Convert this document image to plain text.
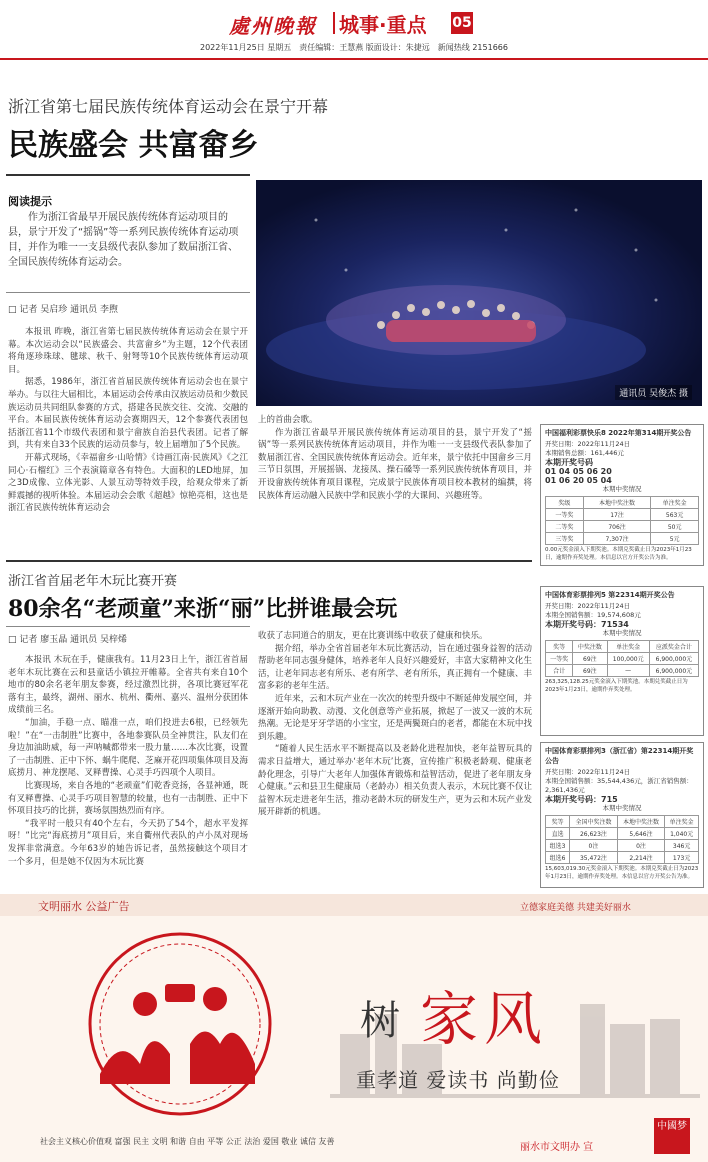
處州晚報	城事·重点	05
2022年11月25日 星期五　责任编辑：王慧燕 版面设计：朱捷远　新闻热线 2151666
浙江省第七届民族传统体育运动会在景宁开幕
民族盛会 共富畲乡
阅读提示

作为浙江省最早开展民族传统体育运动项目的县，景宁开发了“摇锅”等一系列民族传统体育运动项目，并作为唯一一支县级代表队参加了数届浙江省、全国民族传统体育运动会。

□ 记者 吴启珍 通讯员 李煦

本报讯 昨晚，浙江省第七届民族传统体育运动会在景宁开幕。本次运动会以“民族盛会、共富畲乡”为主题，12个代表团将角逐珍珠球、毽球、秋千、射弩等10个民族传统体育运动项目。

据悉，1986年，浙江省首届民族传统体育运动会也在景宁举办。与以往大届相比，本届运动会传承由汉族运动员和少数民族运动员共同组队参赛的方式，搭建各民族交往、交流、交融的平台。本届民族传统体育运动会赛期四天，12个参赛代表团包括浙江省11个市级代表团和景宁畲族自治县代表团。记者了解到，共有来自33个民族的运动员参与，较上届增加了5个民族。

开幕式现场，《幸福畲乡·山哈情》《诗画江南·民族风》《之江同心·石榴红》三个表演篇章各有特色。大面积的LED地屏，加之3D成像、立体光影、人景互动等特效手段，给观众带来了新鲜震撼的视听体验。本届运动会会歌《超越》惊艳亮相，这也是浙江省民族传统体育运动会

通讯员 吴俊杰 摄

上的首曲会歌。

作为浙江省最早开展民族传统体育运动项目的县，景宁开发了“摇锅”等一系列民族传统体育运动项目，并作为唯一一支县级代表队参加了数届浙江省、全国民族传统体育运动会。近年来，景宁依托中国畲乡三月三节日氛围，开展摇锅、龙接凤、操石磉等一系列民族传统体育项目，并开设畲族传统体育项目课程，完成景宁民族体育项目校本教材的编撰，将民族体育运动融入民族中学和民族小学的大课间、兴趣班等。

中国福利彩票快乐8 2022年第314期开奖公告
开奖日期：2022年11月24日
本期销售总额：161,446元
本期开奖号码
01 04 05 06 20
01 06 20 05 04
本期中奖情况
奖级	本地中奖注数	单注奖金
一等奖	17注	563元
二等奖	706注	50元
三等奖	7,307注	5元
0.00元奖金滚入下期奖池。本期兑奖截止日为2023年1月23日，逾期作弃奖处理。本信息以官方开奖公告为准。
浙江省首届老年木玩比赛开赛
80余名“老顽童”来浙“丽”比拼谁最会玩
□ 记者 廖玉晶 通讯员 吴梓烯

本报讯 木玩在手，健康我有。11月23日上午，浙江省首届老年木玩比赛在云和县童话小镇拉开帷幕。全省共有来自10个地市的80余名老年朋友参赛，经过激烈比拼，各项比赛冠军花落有主，最终，湖州、丽水、杭州、衢州、嘉兴、温州分获团体成绩前三名。

“加油，手稳一点、瞄准一点，咱们投进去6根，已经领先啦！”在“一击制胜”比赛中，各地参赛队员全神贯注，队友们在身边加油助威，每一声呐喊都带来一股力量……本次比赛，设置了一击制胜、正中下怀、蜗牛爬爬、芝麻开花四项集体项目及海底捞月、神龙摆尾、叉释曹操、心灵手巧四项个人项目。

比赛现场，来自各地的“老顽童”们乾香竞扬，各显神通，既有叉释曹操、心灵手巧项目智慧的较量，也有一击制胜、正中下怀项目技巧的比拼，赛场氛围热烈而有序。

“我平时一般只有40个左右，今天扔了54个，超水平发挥呀！”比完“海底捞月”项目后，来自衢州代表队的卢小凤对现场发挥非常满意。今年63岁的她告诉记者，虽然接触这个项目才一个多月，但是她不仅因为木玩比赛

收获了志同道合的朋友，更在比赛训练中收获了健康和快乐。

据介绍，举办全省首届老年木玩比赛活动，旨在通过强身益智的活动帮助老年同志强身健体，培养老年人良好兴趣爱好，丰富大家精神文化生活，让老年同志老有所乐、老有所学、老有所乐，真正拥有一个健康、丰富多彩的老年生活。

近年来，云和木玩产业在一次次的转型升级中不断延伸发展空间，并逐渐开始向助教、动漫、文化创意等产业拓展，掀起了一波又一波的木玩热潮。无论是牙牙学语的小宝宝，还是两鬓斑白的老者，都能在木玩中找到乐趣。

“随着人民生活水平不断提高以及老龄化进程加快，老年益智玩具的需求日益增大，通过举办‘老年木玩’比赛，宣传推广积极老龄观、健康老龄化理念，引导广大老年人加强体育锻炼和益智活动，促进了老年朋友身心健康。”云和县卫生健康局（老龄办）相关负责人表示，木玩比赛不仅让益智木玩走进老年生活，推动老龄木玩的研发生产，更为云和木玩产业发展开辟新的机遇。

中国体育彩票排列5 第22314期开奖公告
开奖日期：2022年11月24日
本期全国销售额：19,574,608元
本期开奖号码：71534
本期中奖情况
奖等	中奖注数	单注奖金	应派奖金合计
一等奖	69注	100,000元	6,900,000元
合计	69注	—	6,900,000元
263,325,128.25元奖金滚入下期奖池。本期兑奖截止日为2023年1月23日，逾期作弃奖处理。
中国体育彩票排列3（浙江省）第22314期开奖公告
开奖日期：2022年11月24日
本期全国销售额：35,544,436元，浙江省销售额：2,361,436元
本期开奖号码：715
本期中奖情况
奖等	全国中奖注数	本地中奖注数	单注奖金
直选	26,623注	5,646注	1,040元
组选3	0注	0注	346元
组选6	35,472注	2,214注	173元
15,603,019.30元奖金滚入下期奖池。本期兑奖截止日为2023年1月23日，逾期作弃奖处理。本信息以官方开奖公告为准。
文明丽水 公益广告	立德家庭美德 共建美好丽水
树 家风
重孝道 爱读书 尚勤俭
社会主义核心价值观 富强 民主 文明 和谐 自由 平等 公正 法治 爱国 敬业 诚信 友善
丽水市文明办 宣
中國梦
